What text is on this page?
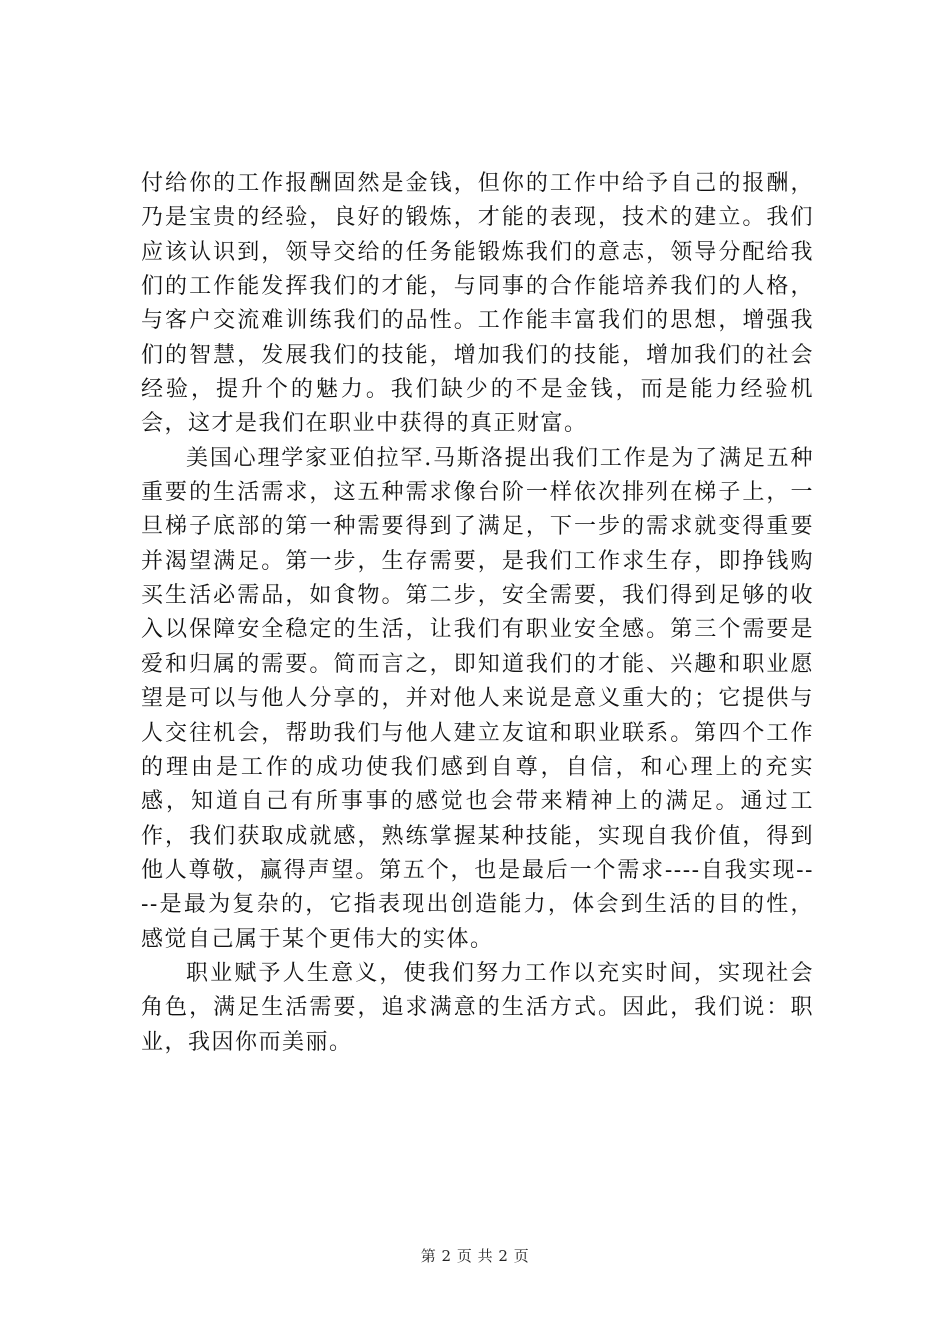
付给你的工作报酬固然是金钱，但你的工作中给予自己的报酬，乃是宝贵的经验，良好的锻炼，才能的表现，技术的建立。我们应该认识到，领导交给的任务能锻炼我们的意志，领导分配给我们的工作能发挥我们的才能，与同事的合作能培养我们的人格，与客户交流难训练我们的品性。工作能丰富我们的思想，增强我们的智慧，发展我们的技能，增加我们的技能，增加我们的社会经验，提升个的魅力。我们缺少的不是金钱，而是能力经验机会，这才是我们在职业中获得的真正财富。

美国心理学家亚伯拉罕.马斯洛提出我们工作是为了满足五种重要的生活需求，这五种需求像台阶一样依次排列在梯子上，一旦梯子底部的第一种需要得到了满足，下一步的需求就变得重要并渴望满足。第一步，生存需要，是我们工作求生存，即挣钱购买生活必需品，如食物。第二步，安全需要，我们得到足够的收入以保障安全稳定的生活，让我们有职业安全感。第三个需要是爱和归属的需要。简而言之，即知道我们的才能、兴趣和职业愿望是可以与他人分享的，并对他人来说是意义重大的；它提供与人交往机会，帮助我们与他人建立友谊和职业联系。第四个工作的理由是工作的成功使我们感到自尊，自信，和心理上的充实感，知道自己有所事事的感觉也会带来精神上的满足。通过工作，我们获取成就感，熟练掌握某种技能，实现自我价值，得到他人尊敬，赢得声望。第五个，也是最后一个需求----自我实现----是最为复杂的，它指表现出创造能力，体会到生活的目的性，感觉自己属于某个更伟大的实体。

职业赋予人生意义，使我们努力工作以充实时间，实现社会角色，满足生活需要，追求满意的生活方式。因此，我们说：职业，我因你而美丽。

第 2 页 共 2 页
